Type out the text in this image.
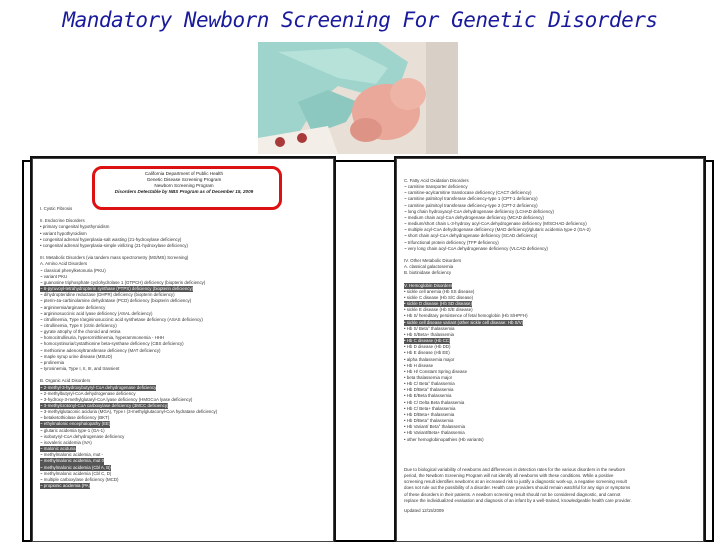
Mandatory Newborn Screening For Genetic Disorders
California Department of Public Health
Genetic Disease Screening Program
Newborn Screening Program
Disorders Detectable by NBS Program as of December 15, 2009
I. Cystic Fibrosis

II. Endocrine Disorders
• primary congenital hypothyroidism
• variant hypothyroidism
• congenital adrenal hyperplasia-salt wasting (21-hydroxylase deficiency)
• congenital adrenal hyperplasia-simple virilizing (21-hydroxylase deficiency)

III. Metabolic Disorders (via tandem mass spectrometry (MS/MS) Screening)
A. Amino Acid Disorders
~ classical phenylketonuria (PKU)
~ variant PKU
~ guanosine triphosphate cyclohydrolase 1 (GTPCH) deficiency (biopterin deficiency)
~ 6-pyruvoyl-tetrahydropterin synthase (PTPS) deficiency (biopterin deficiency)
~ dihydropteridine reductase (DHPR) deficiency (biopterin deficiency)
~ pterin-4a-carbinolamine dehydratase (PCD) deficiency (biopterin deficiency)
~ argininemia/arginase deficiency
~ argininosuccinic acid lyase deficiency (ASAL deficiency)
~ citrullinemia, Type I/argininosuccinic acid synthetase deficiency (ASAS deficiency)
~ citrullinemia, Type II (citrin deficiency)
~ gyrate atrophy of the choroid and retina
~ homocitrullinuria, hyperornithinemia, hyperammonemia - HHH
~ homocystinuria/cystathionine beta-synthase deficiency (CBS deficiency)
~ methionine adenosyltransferase deficiency (MAT deficiency)
~ maple syrup urine disease (MSUD)
~ prolinemia
~ tyrosinemia, Type I, II, III, and transient

B. Organic Acid Disorders
~ 2-methyl-3-hydroxybutyryl-CoA dehydrogenase deficiency
~ 2-methylbutyryl-CoA dehydrogenase deficiency
~ 3-hydroxy-3-methylglutaryl-CoA lyase deficiency (HMGCoA lyase deficiency)
~ 3-methylcrotonyl-CoA carboxylase deficiency (3MCC deficiency)
~ 3-methylglutaconic aciduria (MGA), Type I (3-methylglutaconyl-CoA hydratase deficiency)
~ betaketothiolase deficiency (BKT)
~ ethylmalonic encephalopathy (EE)
~ glutaric acidemia type-1 (GA-1)
~ isobutyryl-CoA dehydrogenase deficiency
~ isovaleric acidemia (IVA)
~ malonic aciduria
~ methylmalonic acidemia, mut -
~ methylmalonic acidemia, mut 0
~ methylmalonic acidemia (Cbl A, B)
~ methylmalonic acidemia (Cbl C, D)
~ multiple carboxylase deficiency (MCD)
~ propionic acidemia (PA)
C. Fatty Acid Oxidation Disorders
~ carnitine transporter deficiency
~ carnitine-acylcarnitine translocase deficiency (CACT deficiency)
~ carnitine palmitoyl transferase deficiency-type 1 (CPT-1 deficiency)
~ carnitine palmitoyl transferase deficiency-type 2 (CPT-2 deficiency)
~ long chain hydroxyacyl-CoA dehydrogenase deficiency (LCHAD deficiency)
~ medium chain acyl-CoA dehydrogenase deficiency (MCAD deficiency)
~ medium/short chain L-3-hydroxy acyl-CoA dehydrogenase deficiency (M/SCHAD deficiency)
~ multiple acyl-CoA dehydrogenase deficiency (MAD deficiency)/glutaric acidemia type-2 (GA-2)
~ short chain acyl-CoA dehydrogenase deficiency (SCAD deficiency)
~ trifunctional protein deficiency (TFP deficiency)
~ very long chain acyl-CoA dehydrogenase deficiency (VLCAD deficiency)

IV. Other Metabolic Disorders
A. classical galactosemia
B. biotinidase deficiency

V. Hemoglobin Disorders
• sickle cell anemia (Hb SS disease)
• sickle C disease (Hb S/C disease)
• sickle D disease (Hb SD disease)
• sickle E disease (Hb S/E disease)
• Hb S/ hereditary persistence of fetal hemoglobin (Hb S/HPFH)
• sickle cell disease variant (other sickle cell disease: Hb S/V)
• Hb S/ Beta° thalassemia
• Hb S/Beta+ thalassemia
• Hb C disease (Hb CC)
• Hb D disease (Hb DD)
• Hb E disease (Hb EE)
• alpha thalassemia major
• Hb H disease
• Hb H/ Constant Spring disease
• beta thalassemia major
• Hb C/ Beta° thalassemia
• Hb D/Beta° thalassemia
• Hb E/Beta thalassemia
• Hb C/ Delta Beta thalassemia
• Hb C/ Beta+ thalassemia
• Hb D/Beta+ thalassemia
• Hb D/Beta° thalassemia
• Hb Variant/ Beta° thalassemia
• Hb Variant/Beta+ thalassemia
• other hemoglobinopathies (Hb variants)
Due to biological variability of newborns and differences in detection rates for the various disorders in the newborn
period, the Newborn Screening Program will not identify all newborns with these conditions. While a positive
screening result identifies newborns at an increased risk to justify a diagnostic work-up, a negative screening result
does not rule out the possibility of a disorder. Health care providers should remain watchful for any sign or symptoms
of these disorders in their patients. A newborn screening result should not be considered diagnostic, and cannot
replace the individualized evaluation and diagnosis of an infant by a well-trained, knowledgeable health care provider.
Updated 12/15/2009
